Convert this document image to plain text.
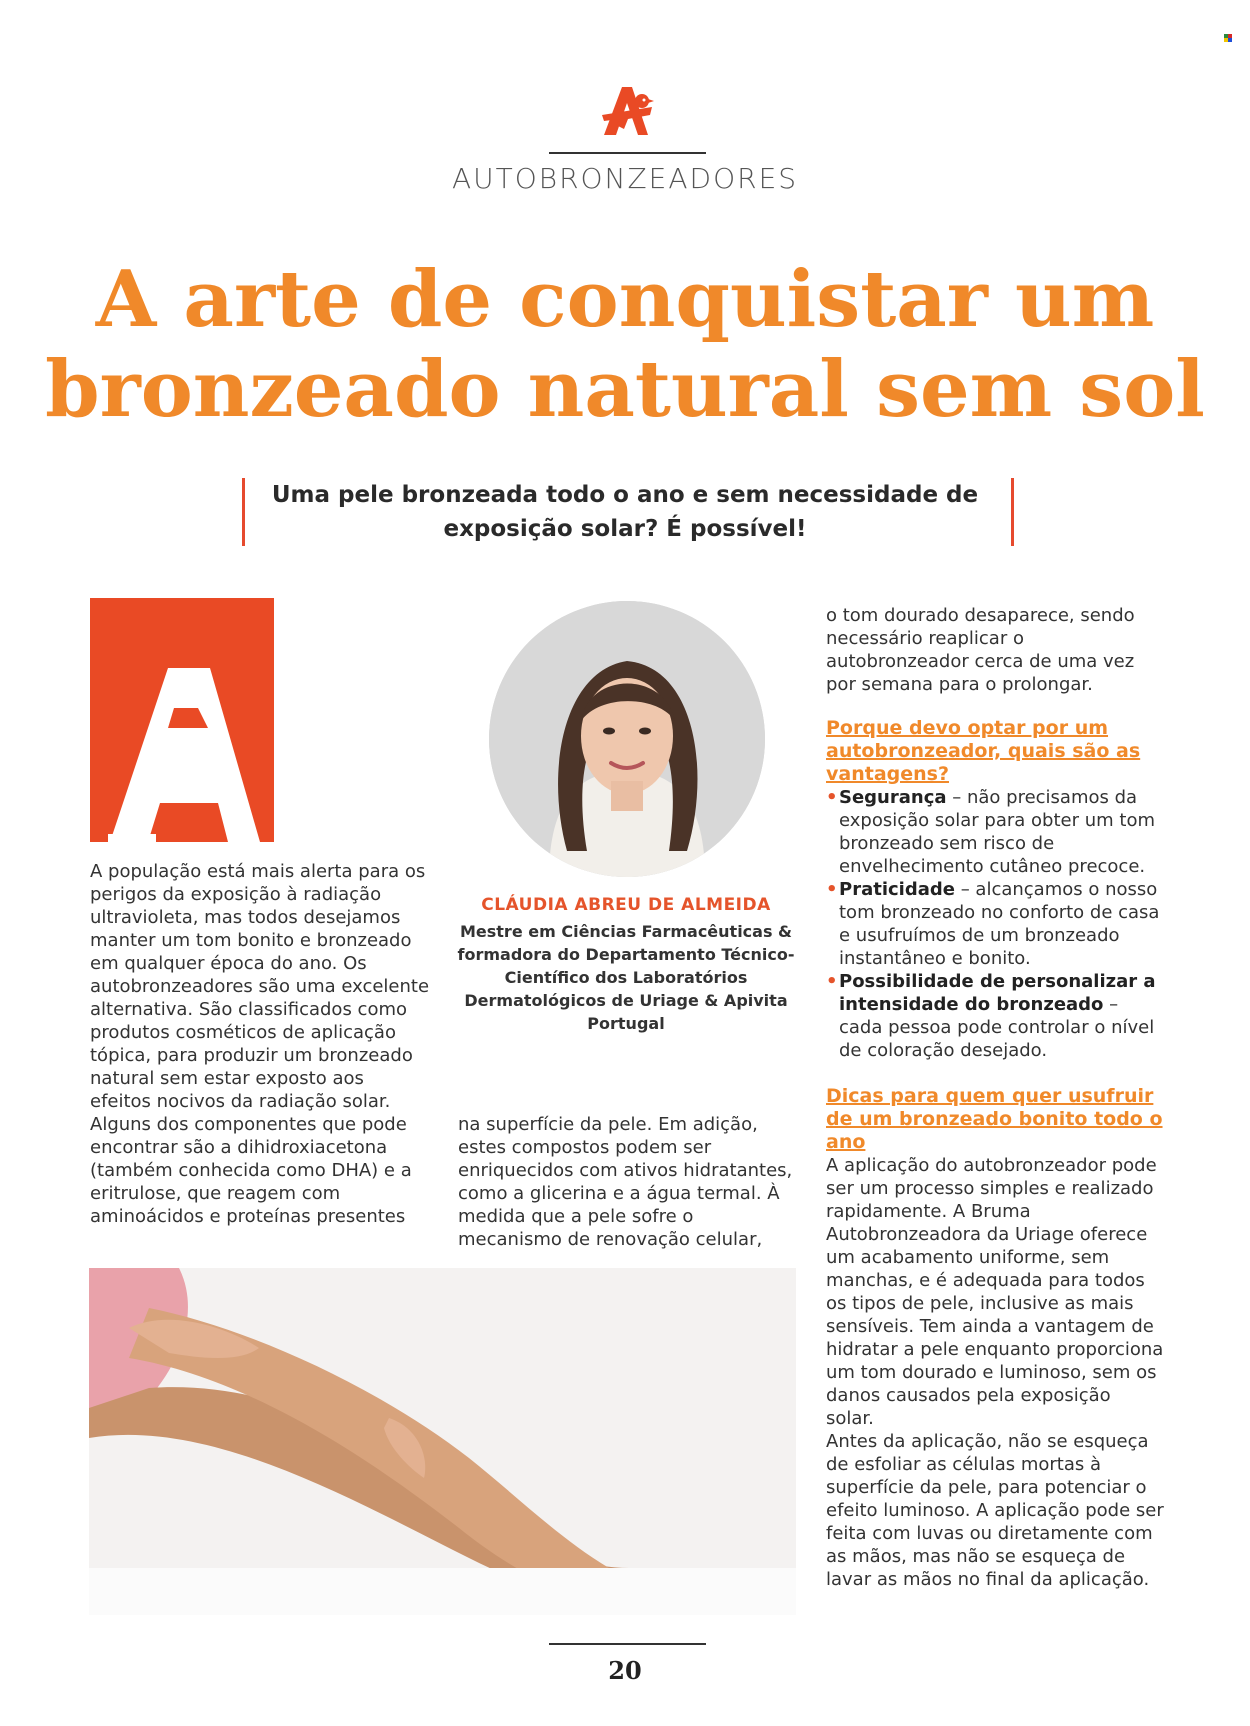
AUTOBRONZEADORES
A arte de conquistar um
bronzeado natural sem sol
Uma pele bronzeada todo o ano e sem necessidade de exposição solar? É possível!

A população está mais alerta para os perigos da exposição à radiação ultravioleta, mas todos desejamos manter um tom bonito e bronzeado em qualquer época do ano. Os autobronzeadores são uma excelente alternativa. São classificados como produtos cosméticos de aplicação tópica, para produzir um bronzeado natural sem estar exposto aos efeitos nocivos da radiação solar. Alguns dos componentes que pode encontrar são a dihidroxiacetona (também conhecida como DHA) e a eritrulose, que reagem com aminoácidos e proteínas presentes

CLÁUDIA ABREU DE ALMEIDA
Mestre em Ciências Farmacêuticas & formadora do Departamento Técnico-Científico dos Laboratórios Dermatológicos de Uriage & Apivita Portugal

na superfície da pele. Em adição, estes compostos podem ser enriquecidos com ativos hidratantes, como a glicerina e a água termal. À medida que a pele sofre o mecanismo de renovação celular,

o tom dourado desaparece, sendo necessário reaplicar o autobronzeador cerca de uma vez por semana para o prolongar.

Porque devo optar por um autobronzeador, quais são as vantagens?
• Segurança – não precisamos da exposição solar para obter um tom bronzeado sem risco de envelhecimento cutâneo precoce.
• Praticidade – alcançamos o nosso tom bronzeado no conforto de casa e usufruímos de um bronzeado instantâneo e bonito.
• Possibilidade de personalizar a intensidade do bronzeado – cada pessoa pode controlar o nível de coloração desejado.
Dicas para quem quer usufruir de um bronzeado bonito todo o ano

A aplicação do autobronzeador pode ser um processo simples e realizado rapidamente. A Bruma Autobronzeadora da Uriage oferece um acabamento uniforme, sem manchas, e é adequada para todos os tipos de pele, inclusive as mais sensíveis. Tem ainda a vantagem de hidratar a pele enquanto proporciona um tom dourado e luminoso, sem os danos causados pela exposição solar.

Antes da aplicação, não se esqueça de esfoliar as células mortas à superfície da pele, para potenciar o efeito luminoso. A aplicação pode ser feita com luvas ou diretamente com as mãos, mas não se esqueça de lavar as mãos no final da aplicação.

20
